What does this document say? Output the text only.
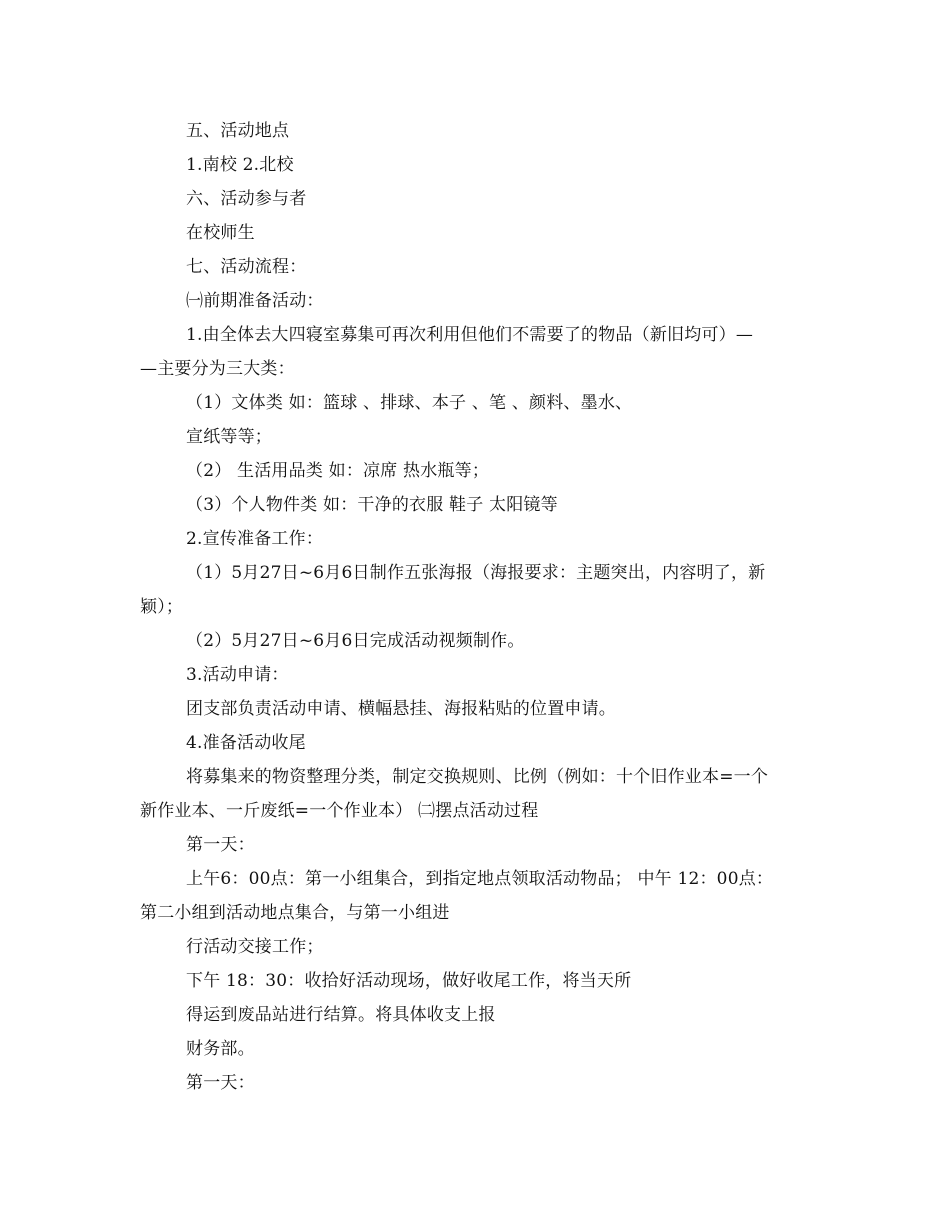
五、活动地点
1.南校 2.北校
六、活动参与者
在校师生
七、活动流程：
㈠前期准备活动：
1.由全体去大四寝室募集可再次利用但他们不需要了的物品（新旧均可）—
—主要分为三大类：
（1）文体类 如：篮球 、排球、本子 、笔 、颜料、墨水、
宣纸等等；
（2） 生活用品类 如：凉席 热水瓶等；
（3）个人物件类 如：干净的衣服 鞋子 太阳镜等
2.宣传准备工作：
（1）5月27日~6月6日制作五张海报（海报要求：主题突出，内容明了，新
颖）；
（2）5月27日~6月6日完成活动视频制作。
3.活动申请：
团支部负责活动申请、横幅悬挂、海报粘贴的位置申请。
4.准备活动收尾
将募集来的物资整理分类，制定交换规则、比例（例如：十个旧作业本=一个
新作业本、一斤废纸=一个作业本） ㈡摆点活动过程
第一天：
上午6：00点：第一小组集合，到指定地点领取活动物品； 中午 12：00点：
第二小组到活动地点集合，与第一小组进
行活动交接工作；
下午 18：30：收拾好活动现场，做好收尾工作，将当天所
得运到废品站进行结算。将具体收支上报
财务部。
第一天：
